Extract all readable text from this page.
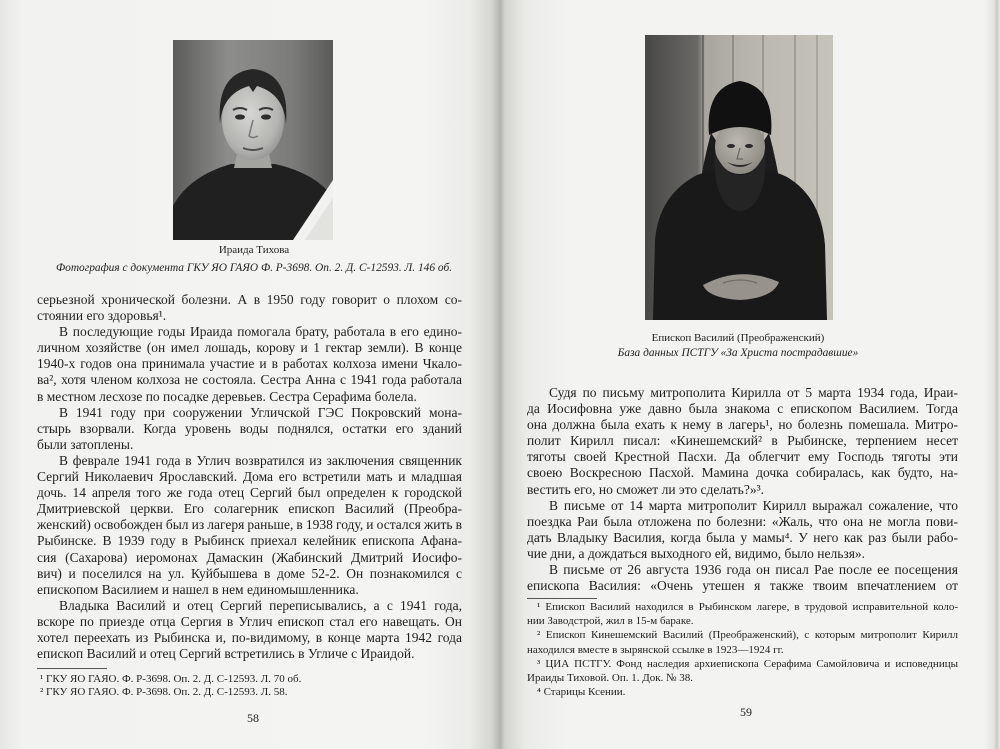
Ираида Тихова
Фотография с документа ГКУ ЯО ГАЯО Ф. Р-3698. Оп. 2. Д. С-12593. Л. 146 об.
серьезной хронической болезни. А в 1950 году говорит о плохом со-
стоянии его здоровья¹.
В последующие годы Ираида помогала брату, работала в его едино-
личном хозяйстве (он имел лошадь, корову и 1 гектар земли). В конце
1940-х годов она принимала участие и в работах колхоза имени Чкало-
ва², хотя членом колхоза не состояла. Сестра Анна с 1941 года работала
в местном лесхозе по посадке деревьев. Сестра Серафима болела.
В 1941 году при сооружении Угличской ГЭС Покровский мона-
стырь взорвали. Когда уровень воды поднялся, остатки его зданий
были затоплены.
В феврале 1941 года в Углич возвратился из заключения священник
Сергий Николаевич Ярославский. Дома его встретили мать и младшая
дочь. 14 апреля того же года отец Сергий был определен к городской
Дмитриевской церкви. Его солагерник епископ Василий (Преобра-
женский) освобожден был из лагеря раньше, в 1938 году, и остался жить в
Рыбинске. В 1939 году в Рыбинск приехал келейник епископа Афана-
сия (Сахарова) иеромонах Дамаскин (Жабинский Дмитрий Иосифо-
вич) и поселился на ул. Куйбышева в доме 52-2. Он познакомился с
епископом Василием и нашел в нем единомышленника.
Владыка Василий и отец Сергий переписывались, а с 1941 года,
вскоре по приезде отца Сергия в Углич епископ стал его навещать. Он
хотел переехать из Рыбинска и, по-видимому, в конце марта 1942 года
епископ Василий и отец Сергий встретились в Угличе с Ираидой.
¹ ГКУ ЯО ГАЯО. Ф. Р-3698. Оп. 2. Д. С-12593. Л. 70 об.
² ГКУ ЯО ГАЯО. Ф. Р-3698. Оп. 2. Д. С-12593. Л. 58.
58
Епископ Василий (Преображенский)
База данных ПСТГУ «За Христа пострадавшие»
Судя по письму митрополита Кирилла от 5 марта 1934 года, Ираи-
да Иосифовна уже давно была знакома с епископом Василием. Тогда
она должна была ехать к нему в лагерь¹, но болезнь помешала. Митро-
полит Кирилл писал: «Кинешемский² в Рыбинске, терпением несет
тяготы своей Крестной Пасхи. Да облегчит ему Господь тяготы эти
своею Воскресною Пасхой. Мамина дочка собиралась, как будто, на-
вестить его, но сможет ли это сделать?»³.
В письме от 14 марта митрополит Кирилл выражал сожаление, что
поездка Раи была отложена по болезни: «Жаль, что она не могла пови-
дать Владыку Василия, когда была у мамы⁴. У него как раз были рабо-
чие дни, а дождаться выходного ей, видимо, было нельзя».
В письме от 26 августа 1936 года он писал Рае после ее посещения
епископа Василия: «Очень утешен я также твоим впечатлением от
¹ Епископ Василий находился в Рыбинском лагере, в трудовой исправительной коло-
нии Заводстрой, жил в 15-м бараке.
² Епископ Кинешемский Василий (Преображенский), с которым митрополит Кирилл
находился вместе в зырянской ссылке в 1923—1924 гг.
³ ЦИА ПСТГУ. Фонд наследия архиепископа Серафима Самойловича и исповедницы
Ираиды Тиховой. Оп. 1. Док. № 38.
⁴ Старицы Ксении.
59
